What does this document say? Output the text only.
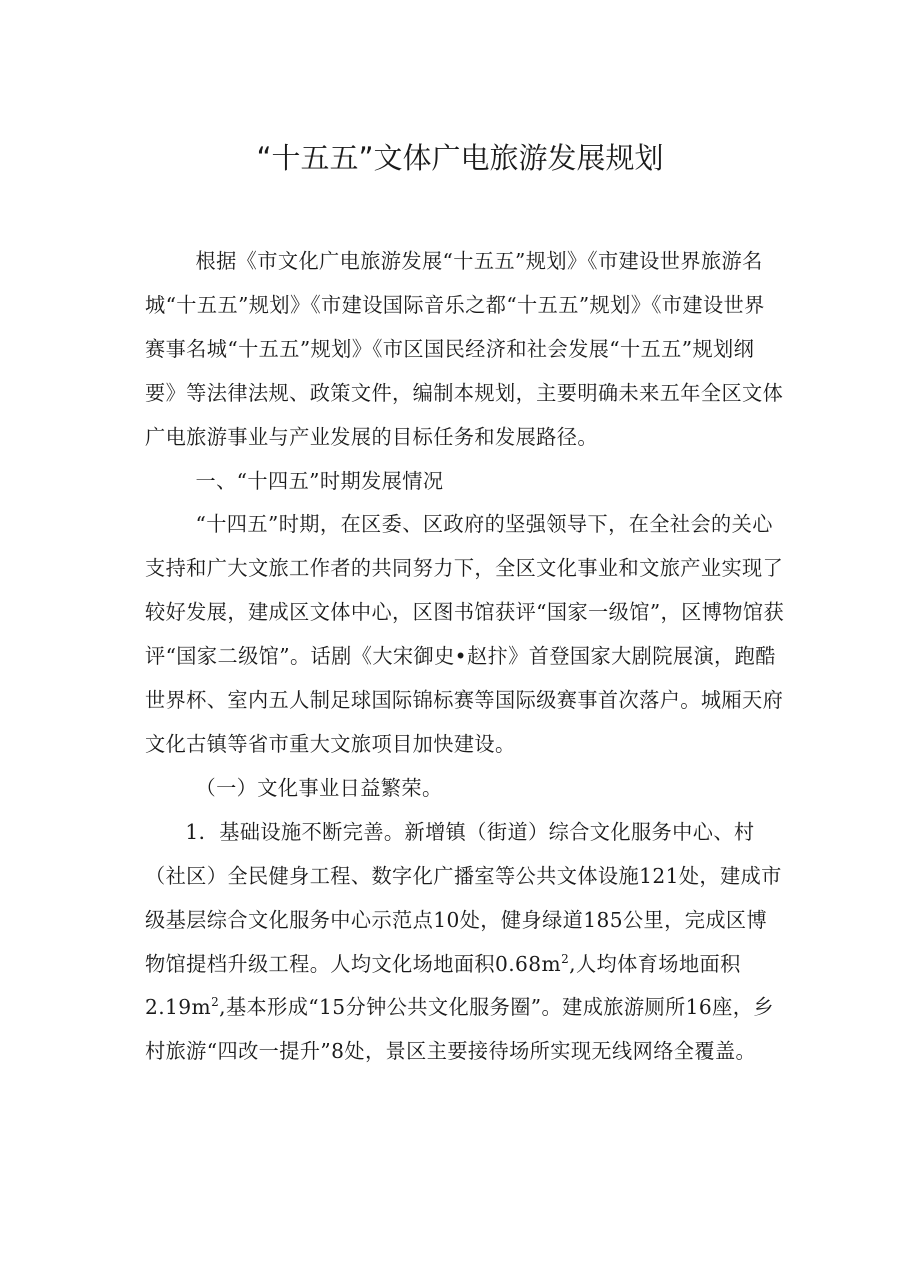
“十五五”文体广电旅游发展规划

根据《市文化广电旅游发展“十五五”规划》《市建设世界旅游名城“十五五”规划》《市建设国际音乐之都“十五五”规划》《市建设世界赛事名城“十五五”规划》《市区国民经济和社会发展“十五五”规划纲要》等法律法规、政策文件，编制本规划，主要明确未来五年全区文体广电旅游事业与产业发展的目标任务和发展路径。

一、“十四五”时期发展情况

“十四五”时期，在区委、区政府的坚强领导下，在全社会的关心支持和广大文旅工作者的共同努力下，全区文化事业和文旅产业实现了较好发展，建成区文体中心，区图书馆获评“国家一级馆”，区博物馆获评“国家二级馆”。话剧《大宋御史•赵抃》首登国家大剧院展演，跑酷世界杯、室内五人制足球国际锦标赛等国际级赛事首次落户。城厢天府文化古镇等省市重大文旅项目加快建设。

（一）文化事业日益繁荣。

1．基础设施不断完善。新增镇（街道）综合文化服务中心、村（社区）全民健身工程、数字化广播室等公共文体设施121处，建成市级基层综合文化服务中心示范点10处，健身绿道185公里，完成区博物馆提档升级工程。人均文化场地面积$0.68m^2$,人均体育场地面积$2.19m^2$,基本形成“15分钟公共文化服务圈”。建成旅游厕所16座，乡村旅游“四改一提升”8处，景区主要接待场所实现无线网络全覆盖。
